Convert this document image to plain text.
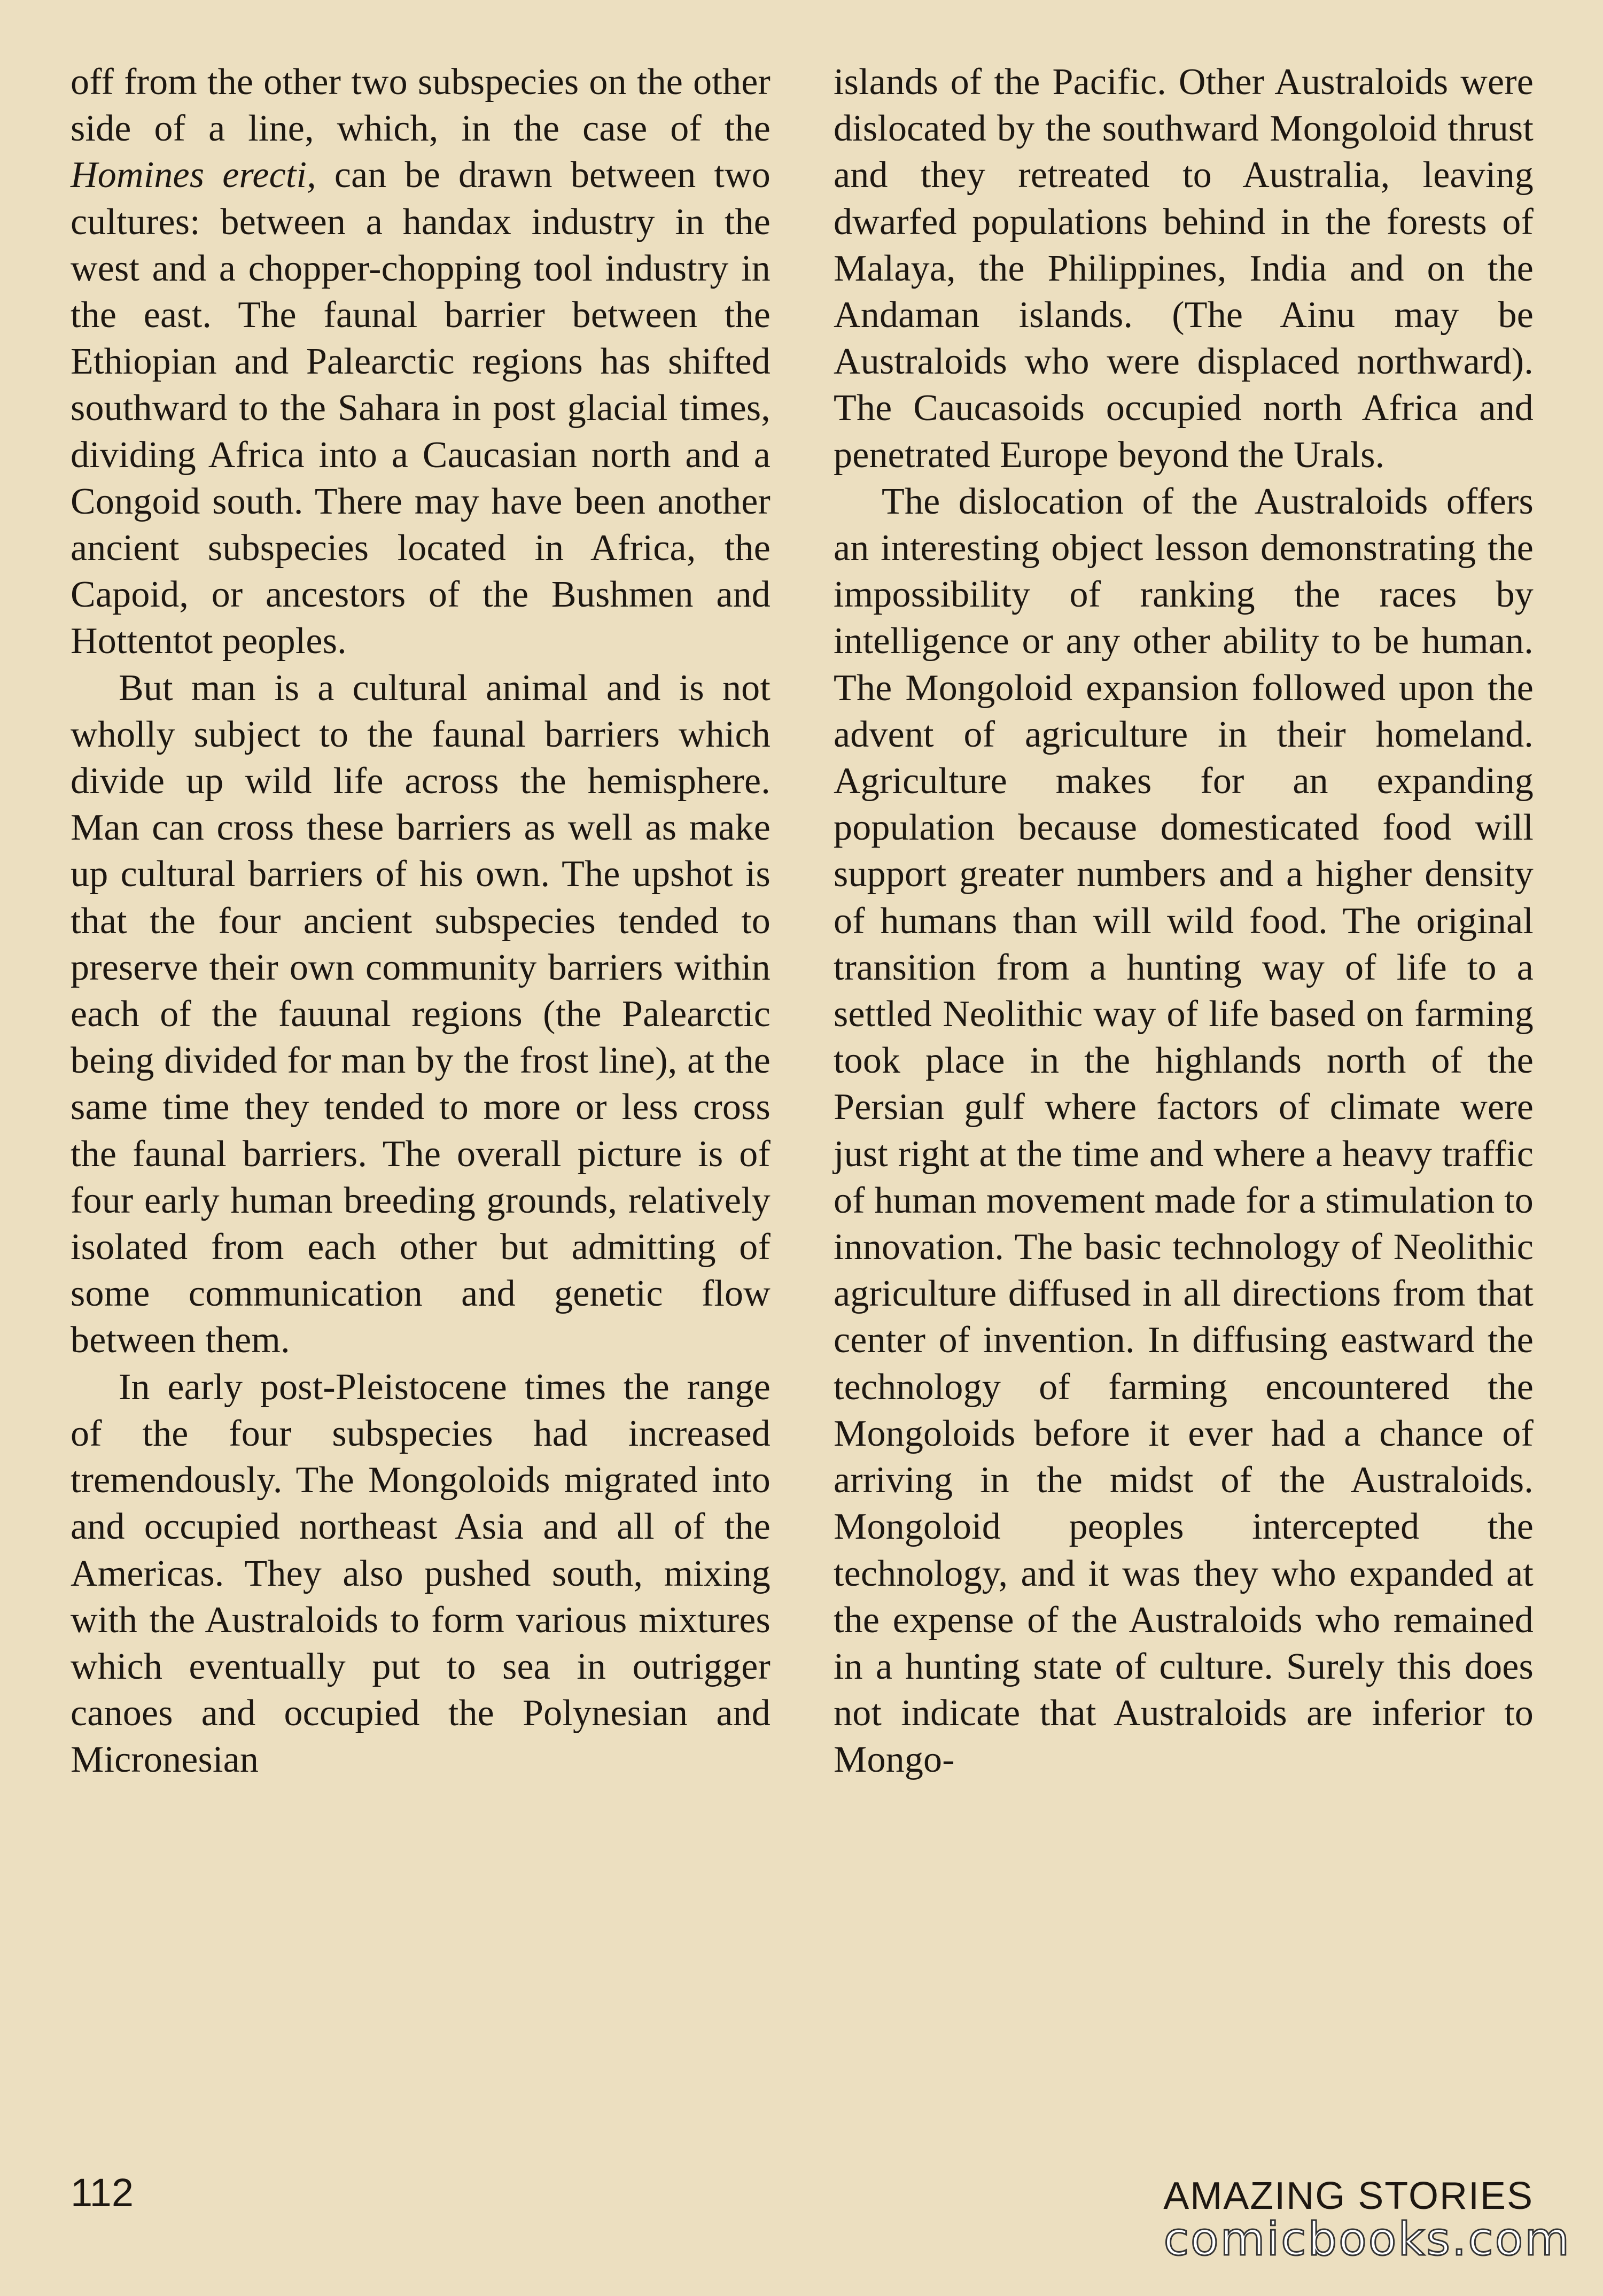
off from the other two subspecies on the other side of a line, which, in the case of the Homines erecti, can be drawn between two cultures: between a handax industry in the west and a chopper-chopping tool industry in the east. The faunal barrier between the Ethiopian and Palearctic regions has shifted southward to the Sahara in post glacial times, dividing Africa into a Caucasian north and a Congoid south. There may have been another ancient subspecies located in Africa, the Capoid, or ancestors of the Bushmen and Hottentot peoples.

But man is a cultural animal and is not wholly subject to the faunal barriers which divide up wild life across the hemisphere. Man can cross these barriers as well as make up cultural barriers of his own. The upshot is that the four ancient subspecies tended to preserve their own community barriers within each of the fauunal regions (the Palearctic being divided for man by the frost line), at the same time they tended to more or less cross the faunal barriers. The overall picture is of four early human breeding grounds, relatively isolated from each other but admitting of some communication and genetic flow between them.

In early post-Pleistocene times the range of the four subspecies had increased tremendously. The Mongoloids migrated into and occupied northeast Asia and all of the Americas. They also pushed south, mixing with the Australoids to form various mixtures which eventually put to sea in outrigger canoes and occupied the Polynesian and Micronesian

islands of the Pacific. Other Australoids were dislocated by the southward Mongoloid thrust and they retreated to Australia, leaving dwarfed populations behind in the forests of Malaya, the Philippines, India and on the Andaman islands. (The Ainu may be Australoids who were displaced northward). The Caucasoids occupied north Africa and penetrated Europe beyond the Urals.

The dislocation of the Australoids offers an interesting object lesson demonstrating the impossibility of ranking the races by intelligence or any other ability to be human. The Mongoloid expansion followed upon the advent of agriculture in their homeland. Agriculture makes for an expanding population because domesticated food will support greater numbers and a higher density of humans than will wild food. The original transition from a hunting way of life to a settled Neolithic way of life based on farming took place in the highlands north of the Persian gulf where factors of climate were just right at the time and where a heavy traffic of human movement made for a stimulation to innovation. The basic technology of Neolithic agriculture diffused in all directions from that center of invention. In diffusing eastward the technology of farming encountered the Mongoloids before it ever had a chance of arriving in the midst of the Australoids. Mongoloid peoples intercepted the technology, and it was they who expanded at the expense of the Australoids who remained in a hunting state of culture. Surely this does not indicate that Australoids are inferior to Mongo-

112	AMAZING STORIES
comicbooks.com
